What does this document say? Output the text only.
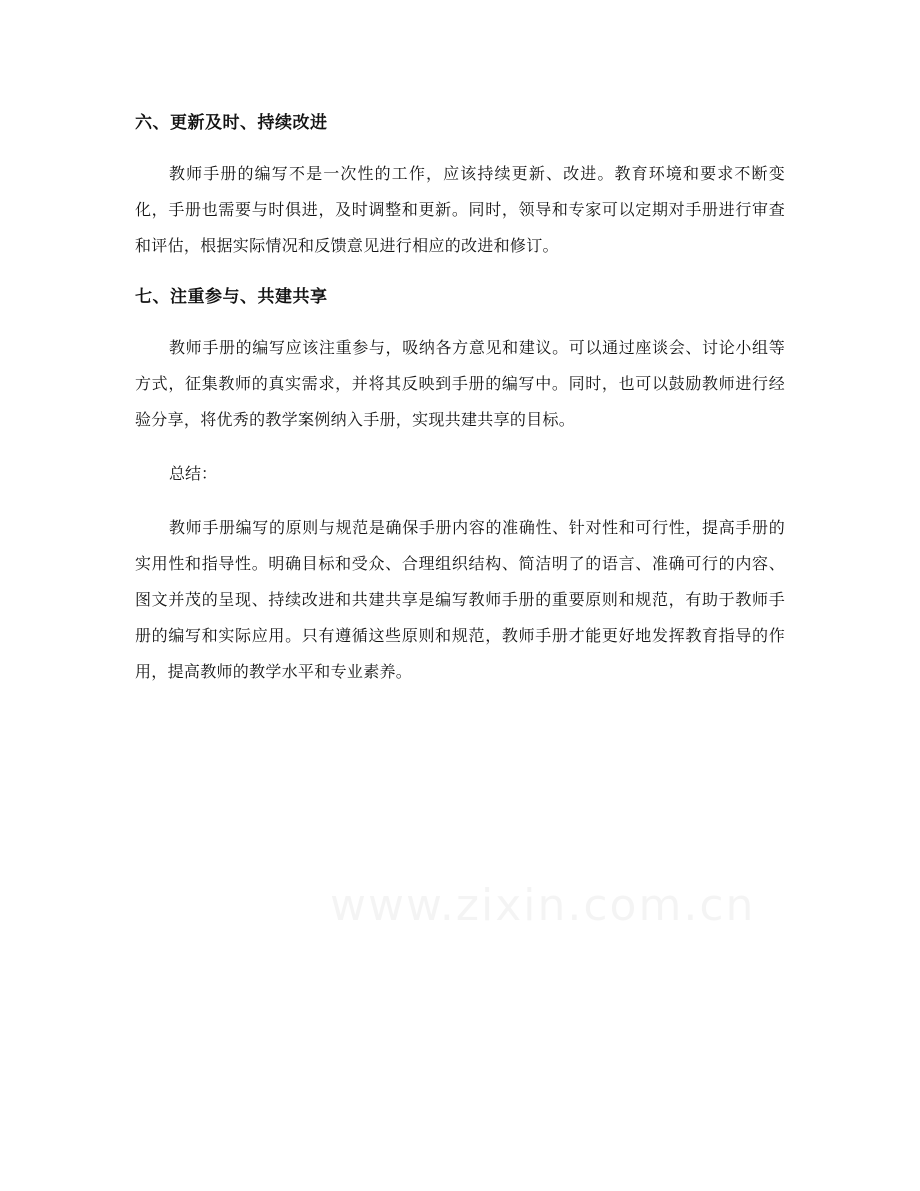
六、更新及时、持续改进

教师手册的编写不是一次性的工作，应该持续更新、改进。教育环境和要求不断变化，手册也需要与时俱进，及时调整和更新。同时，领导和专家可以定期对手册进行审查和评估，根据实际情况和反馈意见进行相应的改进和修订。

七、注重参与、共建共享

教师手册的编写应该注重参与，吸纳各方意见和建议。可以通过座谈会、讨论小组等方式，征集教师的真实需求，并将其反映到手册的编写中。同时，也可以鼓励教师进行经验分享，将优秀的教学案例纳入手册，实现共建共享的目标。

总结：

教师手册编写的原则与规范是确保手册内容的准确性、针对性和可行性，提高手册的实用性和指导性。明确目标和受众、合理组织结构、简洁明了的语言、准确可行的内容、图文并茂的呈现、持续改进和共建共享是编写教师手册的重要原则和规范，有助于教师手册的编写和实际应用。只有遵循这些原则和规范，教师手册才能更好地发挥教育指导的作用，提高教师的教学水平和专业素养。
